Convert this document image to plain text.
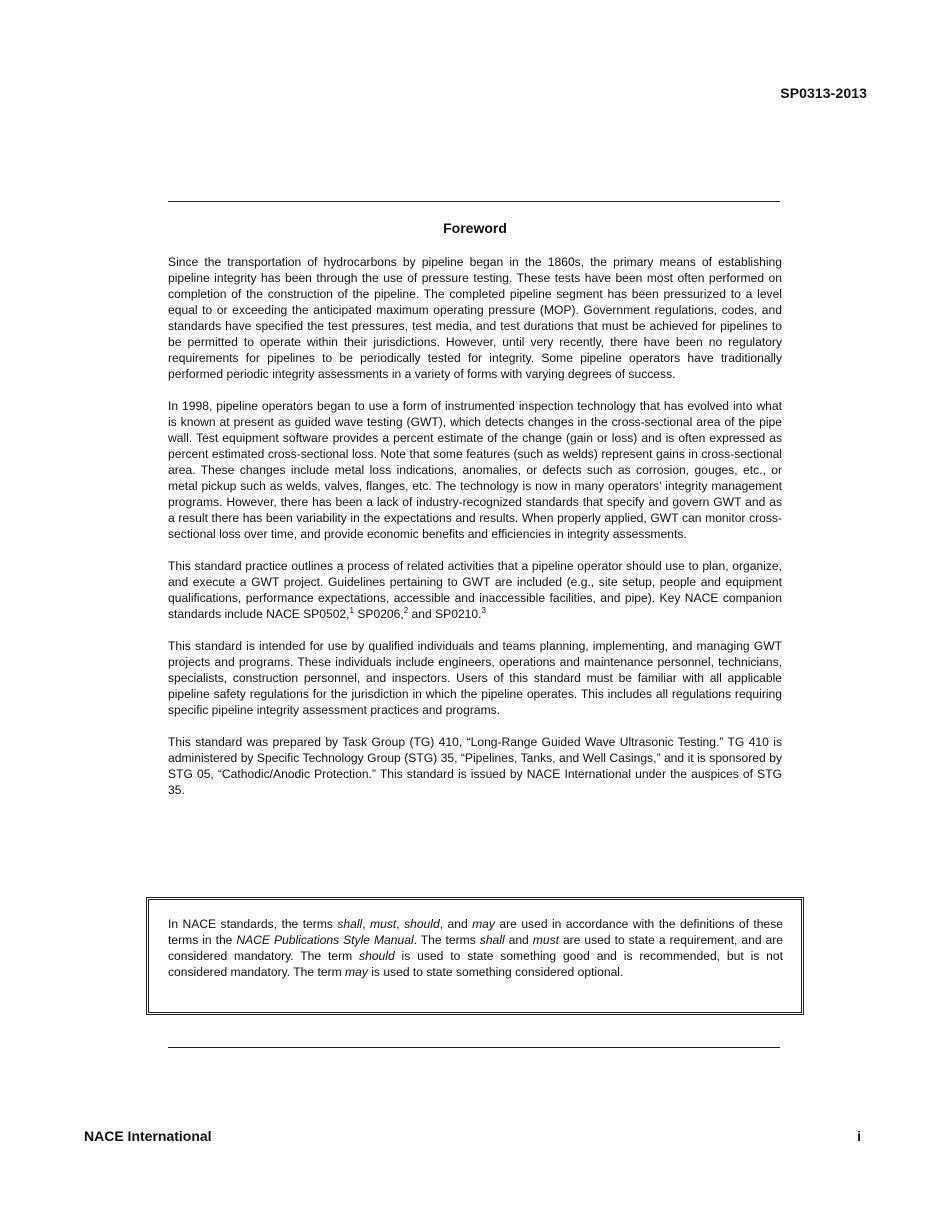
SP0313-2013
Foreword

Since the transportation of hydrocarbons by pipeline began in the 1860s, the primary means of establishing pipeline integrity has been through the use of pressure testing. These tests have been most often performed on completion of the construction of the pipeline. The completed pipeline segment has been pressurized to a level equal to or exceeding the anticipated maximum operating pressure (MOP). Government regulations, codes, and standards have specified the test pressures, test media, and test durations that must be achieved for pipelines to be permitted to operate within their jurisdictions. However, until very recently, there have been no regulatory requirements for pipelines to be periodically tested for integrity. Some pipeline operators have traditionally performed periodic integrity assessments in a variety of forms with varying degrees of success.

In 1998, pipeline operators began to use a form of instrumented inspection technology that has evolved into what is known at present as guided wave testing (GWT), which detects changes in the cross-sectional area of the pipe wall. Test equipment software provides a percent estimate of the change (gain or loss) and is often expressed as percent estimated cross-sectional loss. Note that some features (such as welds) represent gains in cross-sectional area. These changes include metal loss indications, anomalies, or defects such as corrosion, gouges, etc., or metal pickup such as welds, valves, flanges, etc. The technology is now in many operators’ integrity management programs. However, there has been a lack of industry-recognized standards that specify and govern GWT and as a result there has been variability in the expectations and results. When properly applied, GWT can monitor cross-sectional loss over time, and provide economic benefits and efficiencies in integrity assessments.

This standard practice outlines a process of related activities that a pipeline operator should use to plan, organize, and execute a GWT project. Guidelines pertaining to GWT are included (e.g., site setup, people and equipment qualifications, performance expectations, accessible and inaccessible facilities, and pipe). Key NACE companion standards include NACE SP0502,$^1$ SP0206,$^2$ and SP0210.$^3$

This standard is intended for use by qualified individuals and teams planning, implementing, and managing GWT projects and programs. These individuals include engineers, operations and maintenance personnel, technicians, specialists, construction personnel, and inspectors. Users of this standard must be familiar with all applicable pipeline safety regulations for the jurisdiction in which the pipeline operates. This includes all regulations requiring specific pipeline integrity assessment practices and programs.

This standard was prepared by Task Group (TG) 410, “Long-Range Guided Wave Ultrasonic Testing.” TG 410 is administered by Specific Technology Group (STG) 35, “Pipelines, Tanks, and Well Casings,” and it is sponsored by STG 05, “Cathodic/Anodic Protection.” This standard is issued by NACE International under the auspices of STG 35.

In NACE standards, the terms shall, must, should, and may are used in accordance with the definitions of these terms in the NACE Publications Style Manual. The terms shall and must are used to state a requirement, and are considered mandatory. The term should is used to state something good and is recommended, but is not considered mandatory. The term may is used to state something considered optional.

NACE International	i
